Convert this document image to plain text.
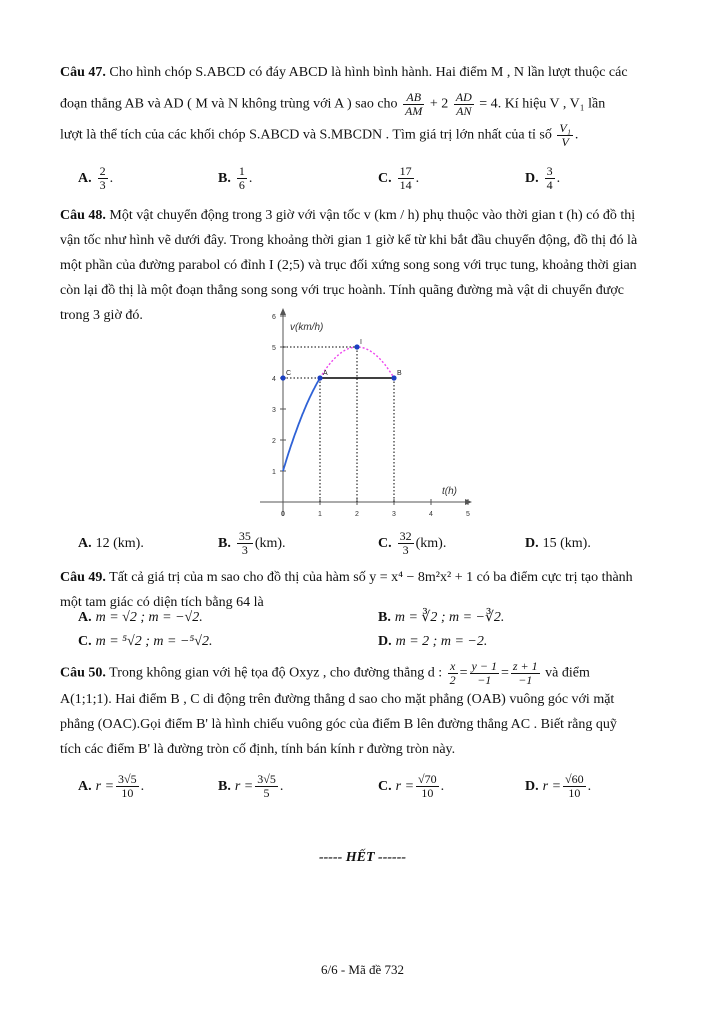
Câu 47. Cho hình chóp S.ABCD có đáy ABCD là hình bình hành. Hai điểm M , N lần lượt thuộc các
đoạn thẳng AB và AD ( M và N không trùng với A ) sao cho $\frac{AB}{AM} + 2 \frac{AD}{AN} = 4$. Kí hiệu V , V₁ lần
lượt là thể tích của các khối chóp S.ABCD và S.MBCDN . Tìm giá trị lớn nhất của tỉ số $\frac{\text{V₁}}{V}$ .
A. $\frac{2}{3}$ .	B. $\frac{1}{6}$ .	C. $\frac{17}{14}$ .	D. $\frac{3}{4}$ .
Câu 48. Một vật chuyển động trong 3 giờ với vận tốc v (km / h) phụ thuộc vào thời gian t (h) có đồ thị
vận tốc như hình vẽ dưới đây. Trong khoảng thời gian 1 giờ kể từ khi bắt đầu chuyển động, đồ thị đó là
một phần của đường parabol có đỉnh I (2;5) và trục đối xứng song song với trục tung, khoảng thời gian
còn lại đồ thị là một đoạn thẳng song song với trục hoành. Tính quãng đường mà vật di chuyển được
trong 3 giờ đó.
0	1	2	3	4	5
1
2
3
4
5
6
C	A
I
B
v(km/h)
t(h)
A. 12 (km).	B. $\frac{35}{3} (km)$.	C. $\frac{32}{3} (km)$.	D. 15 (km).
Câu 49. Tất cả giá trị của m sao cho đồ thị của hàm số y = x⁴ − 8m²x² + 1 có ba điểm cực trị tạo thành
một tam giác có diện tích bằng 64 là
A. m = √2 ; m = −√2.	B. m = ∛2 ; m = −∛2.
C. m = ⁵√2 ; m = −⁵√2.	D. m = 2 ; m = −2.
Câu 50. Trong không gian với hệ tọa độ Oxyz , cho đường thẳng d : $\frac{x}{2} = \frac{y - 1}{-1} = \frac{z + 1}{-1}$ và điểm
A(1;1;1). Hai điểm B , C di động trên đường thẳng d sao cho mặt phẳng (OAB) vuông góc với mặt
phẳng (OAC).Gọi điểm B' là hình chiếu vuông góc của điểm B lên đường thẳng AC . Biết rằng quỹ
tích các điểm B' là đường tròn cố định, tính bán kính r đường tròn này.
A. $r = \frac{3√5}{10}$ .	B. $r = \frac{3√5}{5}$ .	C. $r = \frac{√70}{10}$ .	D. $r = \frac{√60}{10}$ .
----- HẾT ------
6/6 - Mã đề 732
